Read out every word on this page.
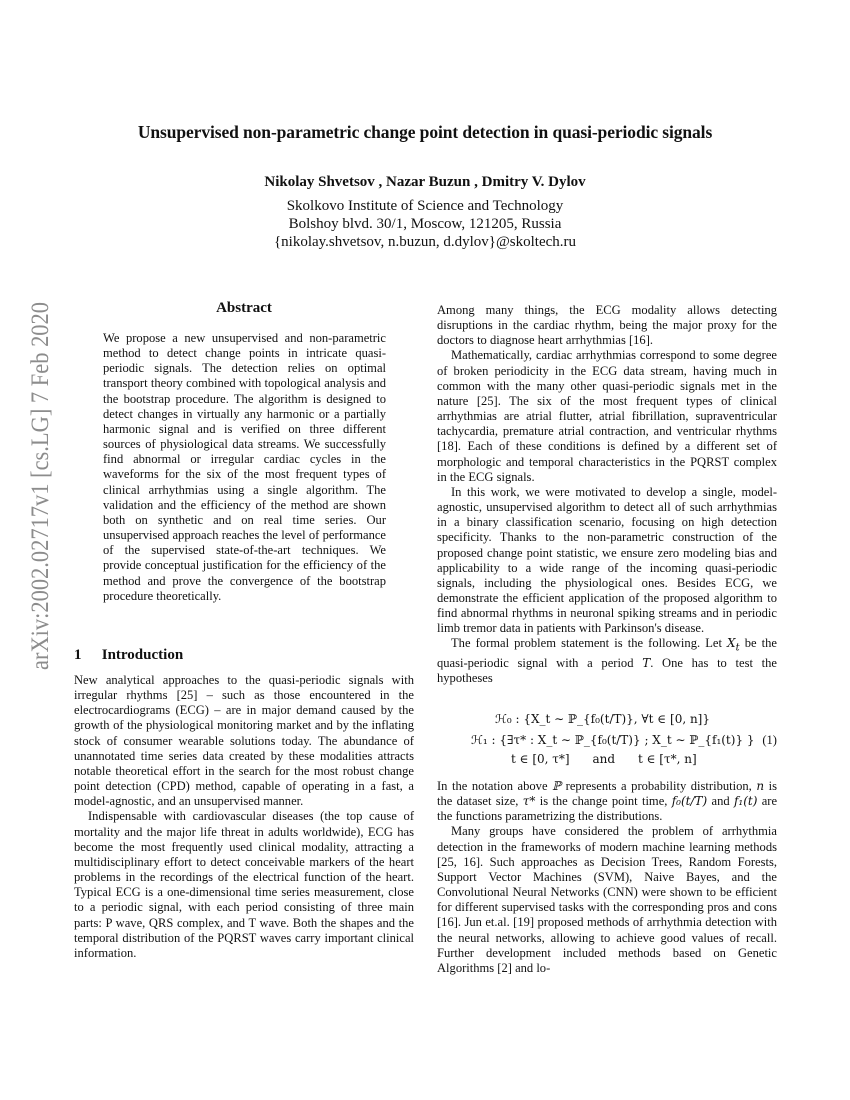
Unsupervised non-parametric change point detection in quasi-periodic signals
Nikolay Shvetsov , Nazar Buzun , Dmitry V. Dylov
Skolkovo Institute of Science and Technology
Bolshoy blvd. 30/1, Moscow, 121205, Russia
{nikolay.shvetsov, n.buzun, d.dylov}@skoltech.ru
arXiv:2002.02717v1 [cs.LG] 7 Feb 2020	Abstract
We propose a new unsupervised and non-parametric method to detect change points in intricate quasi-periodic signals. The detection relies on optimal transport theory combined with topological analysis and the bootstrap procedure. The algorithm is designed to detect changes in virtually any harmonic or a partially harmonic signal and is verified on three different sources of physiological data streams. We successfully find abnormal or irregular cardiac cycles in the waveforms for the six of the most frequent types of clinical arrhythmias using a single algorithm. The validation and the efficiency of the method are shown both on synthetic and on real time series. Our unsupervised approach reaches the level of performance of the supervised state-of-the-art techniques. We provide conceptual justification for the efficiency of the method and prove the convergence of the bootstrap procedure theoretically.
1 Introduction

New analytical approaches to the quasi-periodic signals with irregular rhythms [25] – such as those encountered in the electrocardiograms (ECG) – are in major demand caused by the growth of the physiological monitoring market and by the inflating stock of consumer wearable solutions today. The abundance of unannotated time series data created by these modalities attracts notable theoretical effort in the search for the most robust change point detection (CPD) method, capable of operating in a fast, a model-agnostic, and an unsupervised manner.

Indispensable with cardiovascular diseases (the top cause of mortality and the major life threat in adults worldwide), ECG has become the most frequently used clinical modality, attracting a multidisciplinary effort to detect conceivable markers of the heart problems in the recordings of the electrical function of the heart. Typical ECG is a one-dimensional time series measurement, close to a periodic signal, with each period consisting of three main parts: P wave, QRS complex, and T wave. Both the shapes and the temporal distribution of the PQRST waves carry important clinical information.

Among many things, the ECG modality allows detecting disruptions in the cardiac rhythm, being the major proxy for the doctors to diagnose heart arrhythmias [16].

Mathematically, cardiac arrhythmias correspond to some degree of broken periodicity in the ECG data stream, having much in common with the many other quasi-periodic signals met in the nature [25]. The six of the most frequent types of clinical arrhythmias are atrial flutter, atrial fibrillation, supraventricular tachycardia, premature atrial contraction, and ventricular rhythms [18]. Each of these conditions is defined by a different set of morphologic and temporal characteristics in the PQRST complex in the ECG signals.

In this work, we were motivated to develop a single, model-agnostic, unsupervised algorithm to detect all of such arrhythmias in a binary classification scenario, focusing on high detection specificity. Thanks to the non-parametric construction of the proposed change point statistic, we ensure zero modeling bias and applicability to a wide range of the incoming quasi-periodic signals, including the physiological ones. Besides ECG, we demonstrate the efficient application of the proposed algorithm to find abnormal rhythms in neuronal spiking streams and in periodic limb tremor data in patients with Parkinson's disease.

The formal problem statement is the following. Let $X_t$ be the quasi-periodic signal with a period T. One has to test the hypotheses

ℋ₀ : {X_t ∼ ℙ_{f₀(t/T)}, ∀t ∈ [0, n]}
ℋ₁ : {∃τ* : X_t ∼ ℙ_{f₀(t/T)} ; X_t ∼ ℙ_{f₁(t)} }
t ∈ [0, τ*]      and      t ∈ [τ*, n]
(1)

In the notation above ℙ represents a probability distribution, n is the dataset size, τ* is the change point time, f₀(t/T) and f₁(t) are the functions parametrizing the distributions.

Many groups have considered the problem of arrhythmia detection in the frameworks of modern machine learning methods [25, 16]. Such approaches as Decision Trees, Random Forests, Support Vector Machines (SVM), Naive Bayes, and the Convolutional Neural Networks (CNN) were shown to be efficient for different supervised tasks with the corresponding pros and cons [16]. Jun et.al. [19] proposed methods of arrhythmia detection with the neural networks, allowing to achieve good values of recall. Further development included methods based on Genetic Algorithms [2] and lo-
